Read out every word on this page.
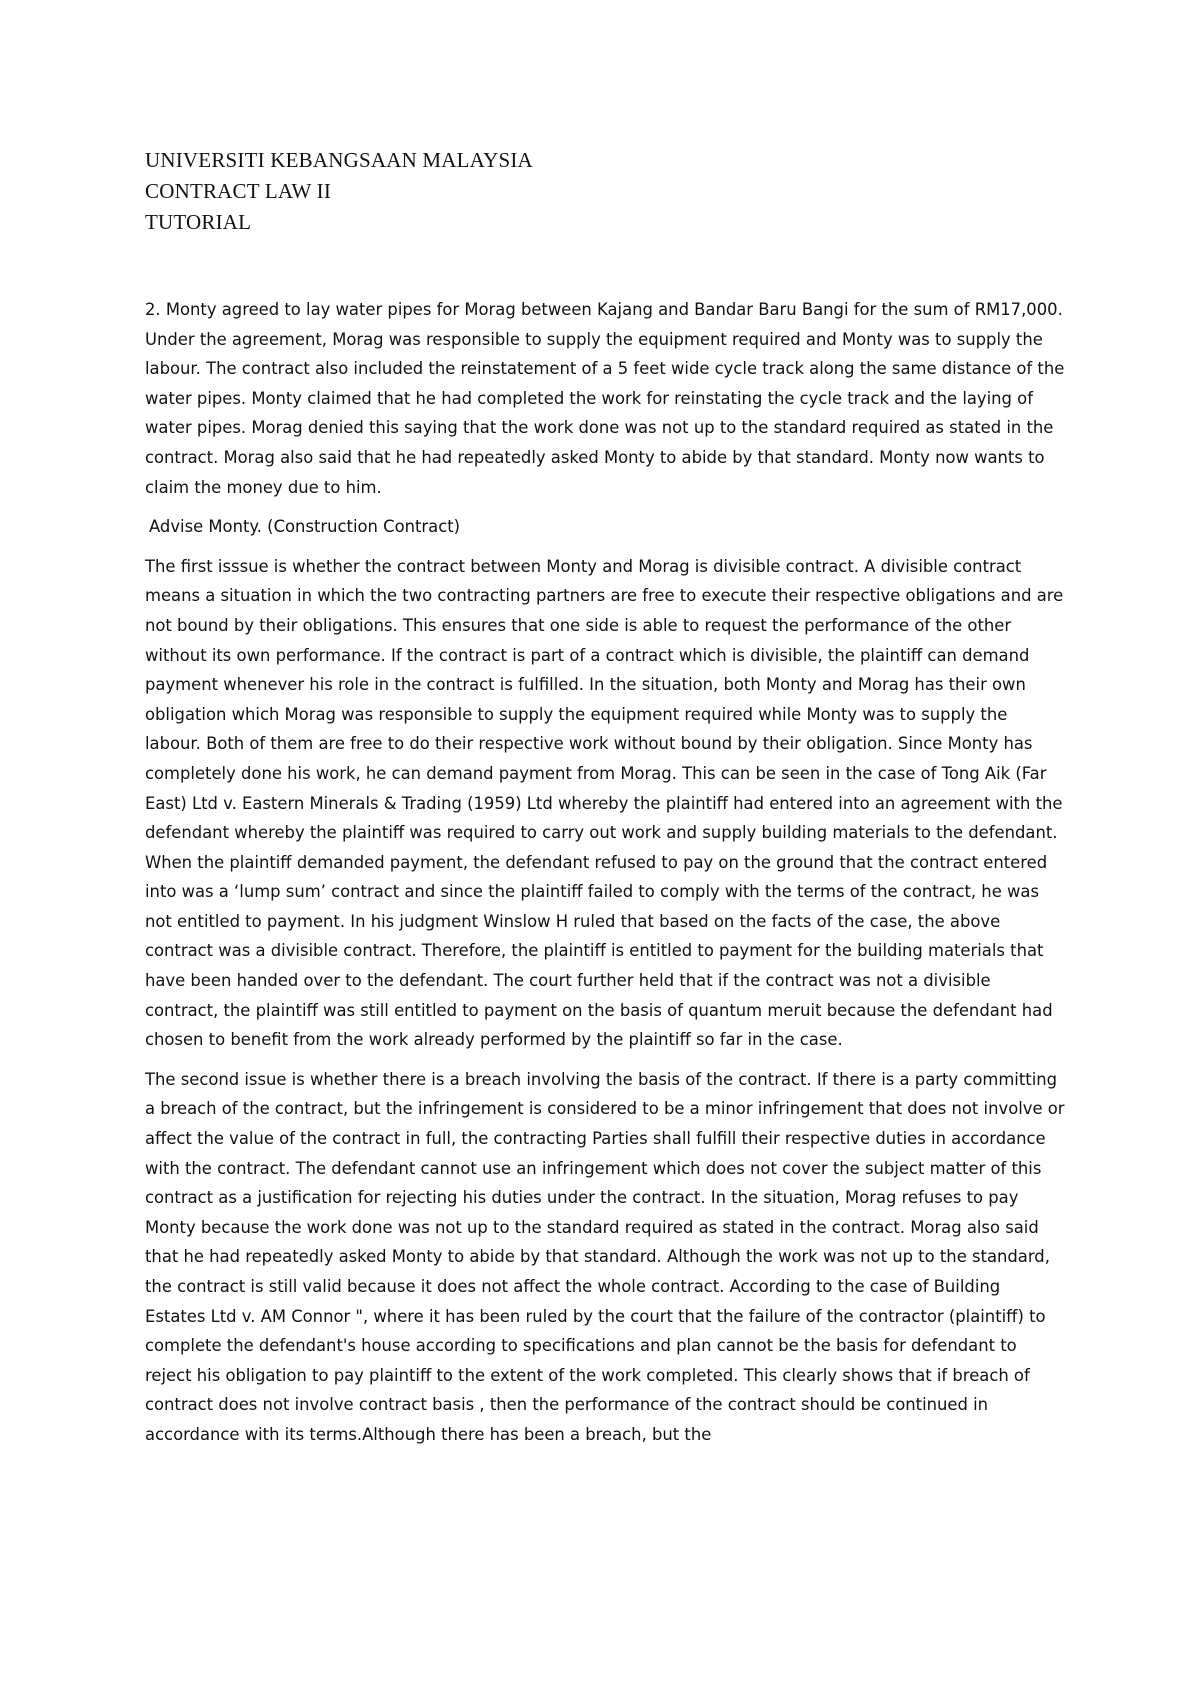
UNIVERSITI KEBANGSAAN MALAYSIA
CONTRACT LAW II
TUTORIAL

2. Monty agreed to lay water pipes for Morag between Kajang and Bandar Baru Bangi for the sum of RM17,000. Under the agreement, Morag was responsible to supply the equipment required and Monty was to supply the labour. The contract also included the reinstatement of a 5 feet wide cycle track along the same distance of the water pipes. Monty claimed that he had completed the work for reinstating the cycle track and the laying of water pipes. Morag denied this saying that the work done was not up to the standard required as stated in the contract. Morag also said that he had repeatedly asked Monty to abide by that standard. Monty now wants to claim the money due to him.

Advise Monty. (Construction Contract)

The first isssue is whether the contract between Monty and Morag is divisible contract. A divisible contract means a situation in which the two contracting partners are free to execute their respective obligations and are not bound by their obligations. This ensures that one side is able to request the performance of the other without its own performance. If the contract is part of a contract which is divisible, the plaintiff can demand payment whenever his role in the contract is fulfilled. In the situation, both Monty and Morag has their own obligation which Morag was responsible to supply the equipment required while Monty was to supply the labour. Both of them are free to do their respective work without bound by their obligation. Since Monty has completely done his work, he can demand payment from Morag. This can be seen in the case of Tong Aik (Far East) Ltd v. Eastern Minerals & Trading (1959) Ltd whereby the plaintiff had entered into an agreement with the defendant whereby the plaintiff was required to carry out work and supply building materials to the defendant. When the plaintiff demanded payment, the defendant refused to pay on the ground that the contract entered into was a ‘lump sum’ contract and since the plaintiff failed to comply with the terms of the contract, he was not entitled to payment. In his judgment Winslow H ruled that based on the facts of the case, the above contract was a divisible contract. Therefore, the plaintiff is entitled to payment for the building materials that have been handed over to the defendant. The court further held that if the contract was not a divisible contract, the plaintiff was still entitled to payment on the basis of quantum meruit because the defendant had chosen to benefit from the work already performed by the plaintiff so far in the case.

The second issue is whether there is a breach involving the basis of the contract. If there is a party committing a breach of the contract, but the infringement is considered to be a minor infringement that does not involve or affect the value of the contract in full, the contracting Parties shall fulfill their respective duties in accordance with the contract. The defendant cannot use an infringement which does not cover the subject matter of this contract as a justification for rejecting his duties under the contract. In the situation, Morag refuses to pay Monty because the work done was not up to the standard required as stated in the contract. Morag also said that he had repeatedly asked Monty to abide by that standard. Although the work was not up to the standard, the contract is still valid because it does not affect the whole contract. According to the case of Building Estates Ltd v. AM Connor ", where it has been ruled by the court that the failure of the contractor (plaintiff) to complete the defendant's house according to specifications and plan cannot be the basis for defendant to reject his obligation to pay plaintiff to the extent of the work completed. This clearly shows that if breach of contract does not involve contract basis , then the performance of the contract should be continued in accordance with its terms.Although there has been a breach, but the
